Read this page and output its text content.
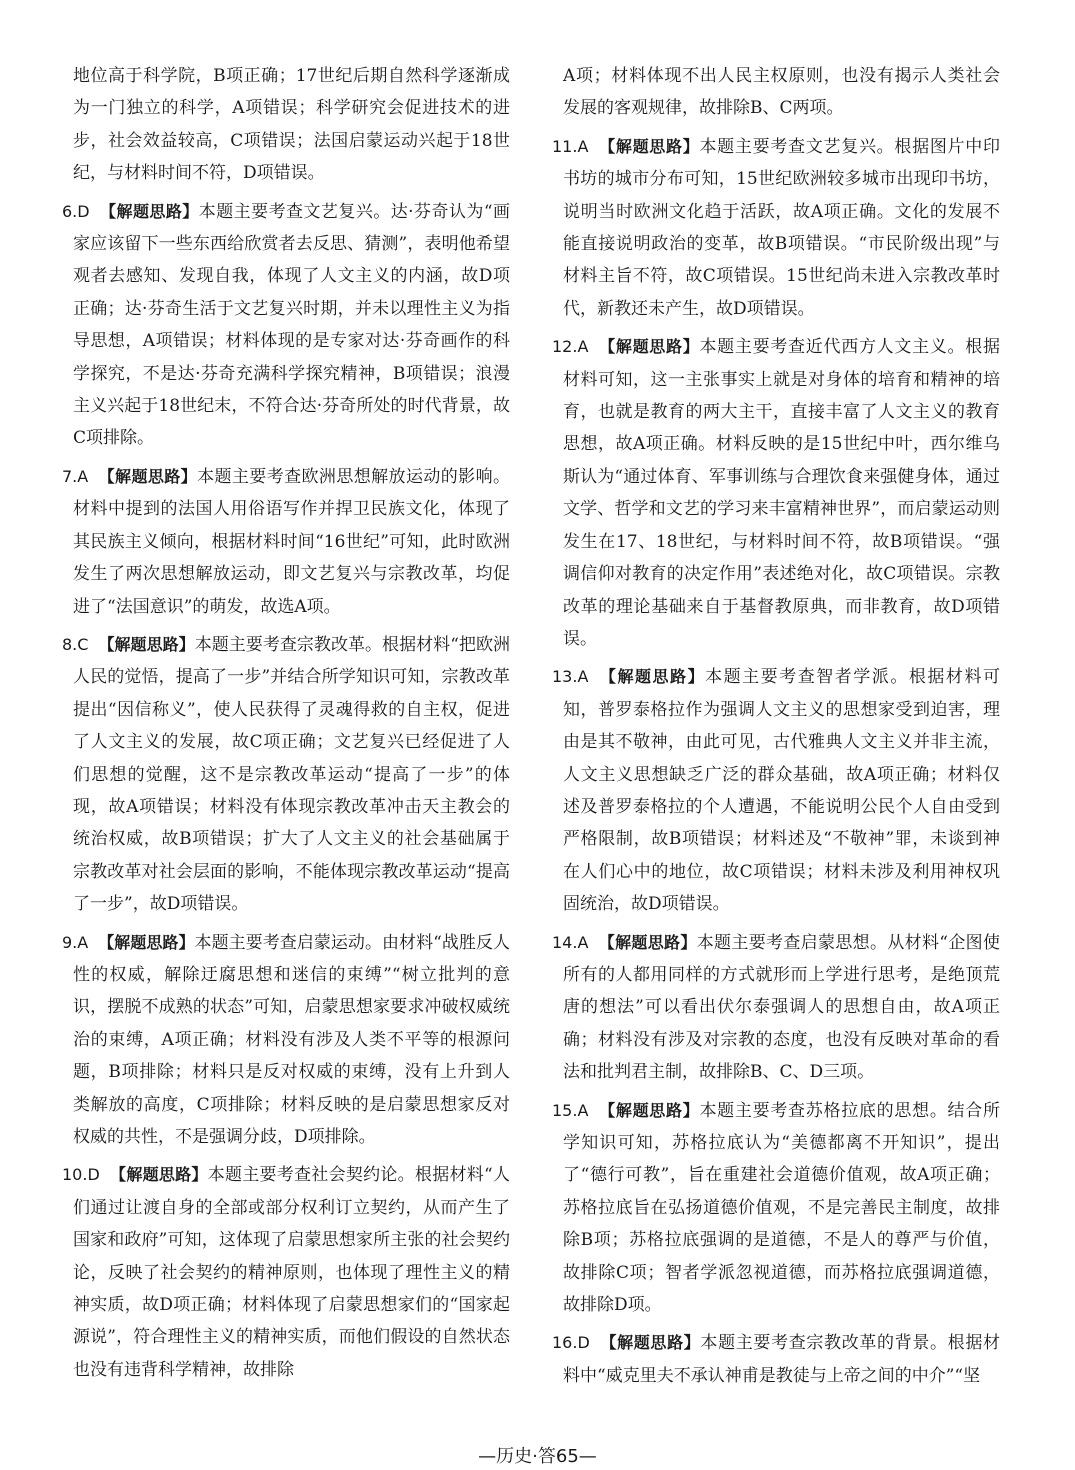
地位高于科学院，B项正确；17世纪后期自然科学逐渐成为一门独立的科学，A项错误；科学研究会促进技术的进步，社会效益较高，C项错误；法国启蒙运动兴起于18世纪，与材料时间不符，D项错误。

6.D 【解题思路】本题主要考查文艺复兴。达·芬奇认为“画家应该留下一些东西给欣赏者去反思、猜测”，表明他希望观者去感知、发现自我，体现了人文主义的内涵，故D项正确；达·芬奇生活于文艺复兴时期，并未以理性主义为指导思想，A项错误；材料体现的是专家对达·芬奇画作的科学探究，不是达·芬奇充满科学探究精神，B项错误；浪漫主义兴起于18世纪末，不符合达·芬奇所处的时代背景，故C项排除。

7.A 【解题思路】本题主要考查欧洲思想解放运动的影响。材料中提到的法国人用俗语写作并捍卫民族文化，体现了其民族主义倾向，根据材料时间“16世纪”可知，此时欧洲发生了两次思想解放运动，即文艺复兴与宗教改革，均促进了“法国意识”的萌发，故选A项。

8.C 【解题思路】本题主要考查宗教改革。根据材料“把欧洲人民的觉悟，提高了一步”并结合所学知识可知，宗教改革提出“因信称义”，使人民获得了灵魂得救的自主权，促进了人文主义的发展，故C项正确；文艺复兴已经促进了人们思想的觉醒，这不是宗教改革运动“提高了一步”的体现，故A项错误；材料没有体现宗教改革冲击天主教会的统治权威，故B项错误；扩大了人文主义的社会基础属于宗教改革对社会层面的影响，不能体现宗教改革运动“提高了一步”，故D项错误。

9.A 【解题思路】本题主要考查启蒙运动。由材料“战胜反人性的权威，解除迂腐思想和迷信的束缚”“树立批判的意识，摆脱不成熟的状态”可知，启蒙思想家要求冲破权威统治的束缚，A项正确；材料没有涉及人类不平等的根源问题，B项排除；材料只是反对权威的束缚，没有上升到人类解放的高度，C项排除；材料反映的是启蒙思想家反对权威的共性，不是强调分歧，D项排除。

10.D 【解题思路】本题主要考查社会契约论。根据材料“人们通过让渡自身的全部或部分权利订立契约，从而产生了国家和政府”可知，这体现了启蒙思想家所主张的社会契约论，反映了社会契约的精神原则，也体现了理性主义的精神实质，故D项正确；材料体现了启蒙思想家们的“国家起源说”，符合理性主义的精神实质，而他们假设的自然状态也没有违背科学精神，故排除

A项；材料体现不出人民主权原则，也没有揭示人类社会发展的客观规律，故排除B、C两项。

11.A 【解题思路】本题主要考查文艺复兴。根据图片中印书坊的城市分布可知，15世纪欧洲较多城市出现印书坊，说明当时欧洲文化趋于活跃，故A项正确。文化的发展不能直接说明政治的变革，故B项错误。“市民阶级出现”与材料主旨不符，故C项错误。15世纪尚未进入宗教改革时代，新教还未产生，故D项错误。

12.A 【解题思路】本题主要考查近代西方人文主义。根据材料可知，这一主张事实上就是对身体的培育和精神的培育，也就是教育的两大主干，直接丰富了人文主义的教育思想，故A项正确。材料反映的是15世纪中叶，西尔维乌斯认为“通过体育、军事训练与合理饮食来强健身体，通过文学、哲学和文艺的学习来丰富精神世界”，而启蒙运动则发生在17、18世纪，与材料时间不符，故B项错误。“强调信仰对教育的决定作用”表述绝对化，故C项错误。宗教改革的理论基础来自于基督教原典，而非教育，故D项错误。

13.A 【解题思路】本题主要考查智者学派。根据材料可知，普罗泰格拉作为强调人文主义的思想家受到迫害，理由是其不敬神，由此可见，古代雅典人文主义并非主流，人文主义思想缺乏广泛的群众基础，故A项正确；材料仅述及普罗泰格拉的个人遭遇，不能说明公民个人自由受到严格限制，故B项错误；材料述及“不敬神”罪，未谈到神在人们心中的地位，故C项错误；材料未涉及利用神权巩固统治，故D项错误。

14.A 【解题思路】本题主要考查启蒙思想。从材料“企图使所有的人都用同样的方式就形而上学进行思考，是绝顶荒唐的想法”可以看出伏尔泰强调人的思想自由，故A项正确；材料没有涉及对宗教的态度，也没有反映对革命的看法和批判君主制，故排除B、C、D三项。

15.A 【解题思路】本题主要考查苏格拉底的思想。结合所学知识可知，苏格拉底认为“美德都离不开知识”，提出了“德行可教”，旨在重建社会道德价值观，故A项正确；苏格拉底旨在弘扬道德价值观，不是完善民主制度，故排除B项；苏格拉底强调的是道德，不是人的尊严与价值，故排除C项；智者学派忽视道德，而苏格拉底强调道德，故排除D项。

16.D 【解题思路】本题主要考查宗教改革的背景。根据材料中“威克里夫不承认神甫是教徒与上帝之间的中介”“坚

—历史·答65—
